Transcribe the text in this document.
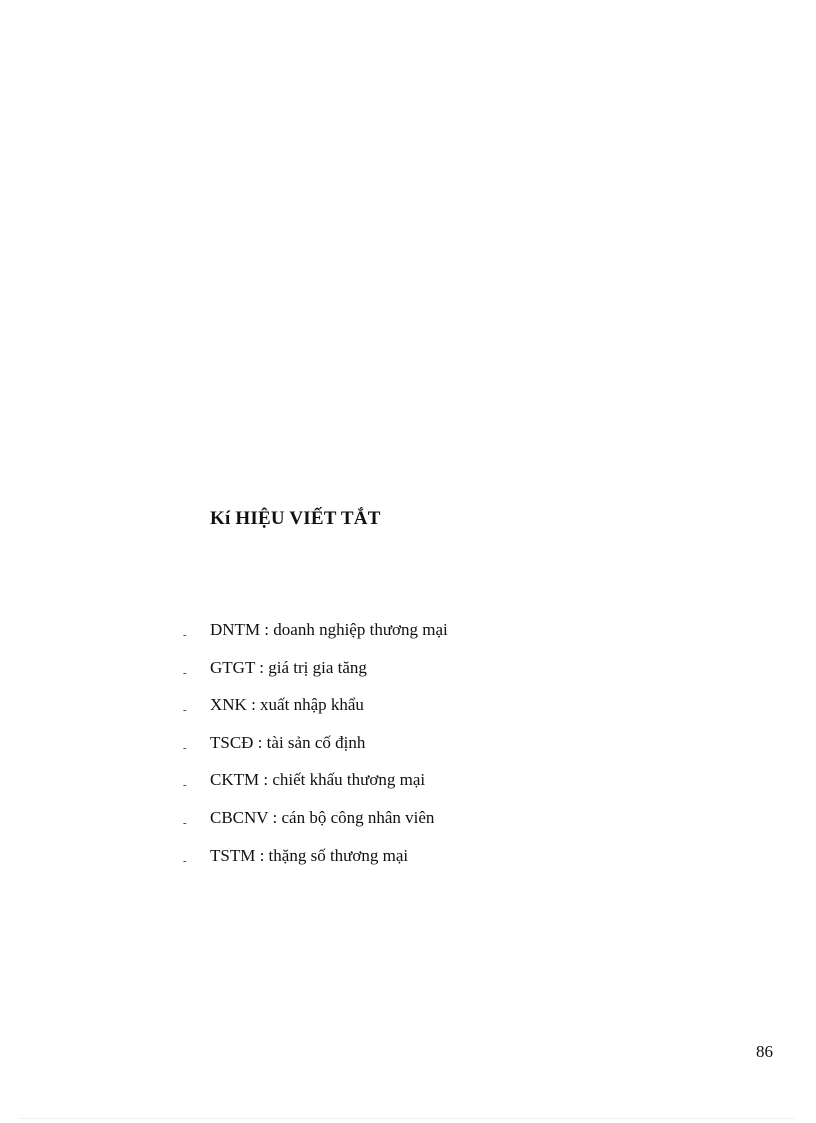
Kí HIỆU VIẾT TẮT
- DNTM : doanh nghiệp thương mại
- GTGT : giá trị gia tăng
- XNK : xuất nhập khẩu
- TSCĐ : tài sản cố định
- CKTM : chiết khấu thương mại
- CBCNV : cán bộ công nhân viên
- TSTM : thặng số thương mại
86
